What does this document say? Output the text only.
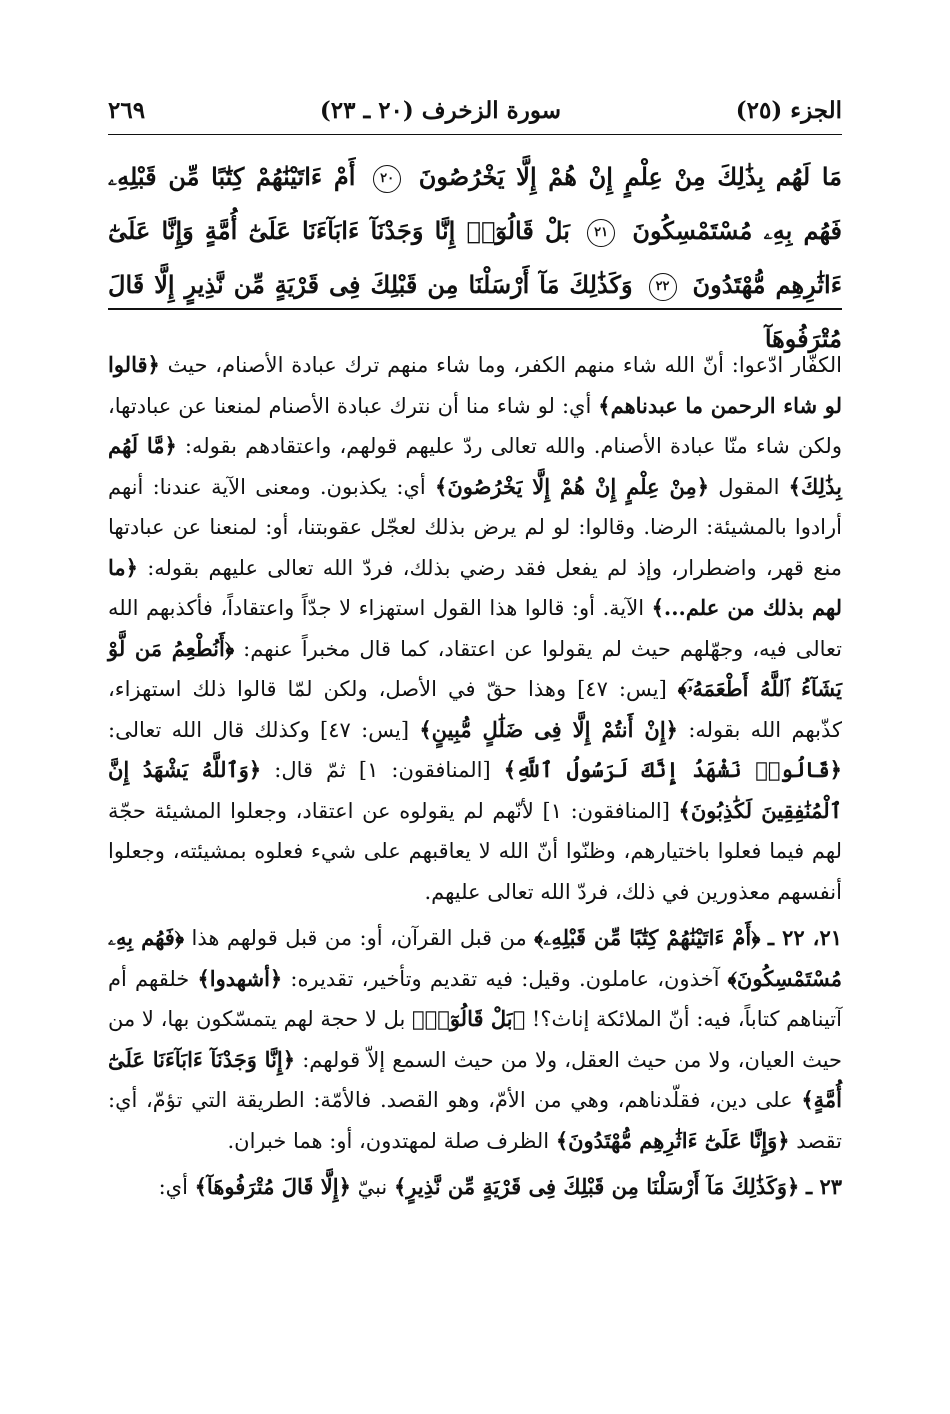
الجزء (٢٥)
سورة الزخرف (٢٠ ـ ٢٣)
٢٦٩

مَا لَهُم بِذَٰلِكَ مِنْ عِلْمٍ إِنْ هُمْ إِلَّا يَخْرُصُونَ ٢٠ أَمْ ءَاتَيْنَٰهُمْ كِتَٰبًا مِّن قَبْلِهِۦ فَهُم بِهِۦ مُسْتَمْسِكُونَ ٢١ بَلْ قَالُوٓا۟ إِنَّا وَجَدْنَآ ءَابَآءَنَا عَلَىٰٓ أُمَّةٍ وَإِنَّا عَلَىٰٓ ءَاثَٰرِهِم مُّهْتَدُونَ ٢٢ وَكَذَٰلِكَ مَآ أَرْسَلْنَا مِن قَبْلِكَ فِى قَرْيَةٍ مِّن نَّذِيرٍ إِلَّا قَالَ مُتْرَفُوهَآ

الكفّار ادّعوا: أنّ الله شاء منهم الكفر، وما شاء منهم ترك عبادة الأصنام، حيث ﴿قالوا لو شاء الرحمن ما عبدناهم﴾ أي: لو شاء منا أن نترك عبادة الأصنام لمنعنا عن عبادتها، ولكن شاء منّا عبادة الأصنام. والله تعالى ردّ عليهم قولهم، واعتقادهم بقوله: ﴿مَّا لَهُم بِذَٰلِكَ﴾ المقول ﴿مِنْ عِلْمٍ إِنْ هُمْ إِلَّا يَخْرُصُونَ﴾ أي: يكذبون. ومعنى الآية عندنا: أنهم أرادوا بالمشيئة: الرضا. وقالوا: لو لم يرض بذلك لعجّل عقوبتنا، أو: لمنعنا عن عبادتها منع قهر، واضطرار، وإذ لم يفعل فقد رضي بذلك، فردّ الله تعالى عليهم بقوله: ﴿ما لهم بذلك من علم...﴾ الآية. أو: قالوا هذا القول استهزاء لا جدّاً واعتقاداً، فأكذبهم الله تعالى فيه، وجهّلهم حيث لم يقولوا عن اعتقاد، كما قال مخبراً عنهم: ﴿أَنُطْعِمُ مَن لَّوْ يَشَآءُ ٱللَّهُ أَطْعَمَهُۥٓ﴾ [يس: ٤٧] وهذا حقّ في الأصل، ولكن لمّا قالوا ذلك استهزاء، كذّبهم الله بقوله: ﴿إِنْ أَنتُمْ إِلَّا فِى ضَلَٰلٍ مُّبِينٍ﴾ [يس: ٤٧] وكذلك قال الله تعالى: ﴿قَالُوا۟ نَشْهَدُ إِنَّكَ لَرَسُولُ ٱللَّهِ﴾ [المنافقون: ١] ثمّ قال: ﴿وَٱللَّهُ يَشْهَدُ إِنَّ ٱلْمُنَٰفِقِينَ لَكَٰذِبُونَ﴾ [المنافقون: ١] لأنّهم لم يقولوه عن اعتقاد، وجعلوا المشيئة حجّة لهم فيما فعلوا باختيارهم، وظنّوا أنّ الله لا يعاقبهم على شيء فعلوه بمشيئته، وجعلوا أنفسهم معذورين في ذلك، فردّ الله تعالى عليهم.

٢١، ٢٢ ـ ﴿أَمْ ءَاتَيْنَٰهُمْ كِتَٰبًا مِّن قَبْلِهِۦ﴾ من قبل القرآن، أو: من قبل قولهم هذا ﴿فَهُم بِهِۦ مُسْتَمْسِكُونَ﴾ آخذون، عاملون. وقيل: فيه تقديم وتأخير، تقديره: ﴿أشهدوا﴾ خلقهم أم آتيناهم كتاباً، فيه: أنّ الملائكة إناث؟! ﴿بَلْ قَالُوٓا۟﴾ بل لا حجة لهم يتمسّكون بها، لا من حيث العيان، ولا من حيث العقل، ولا من حيث السمع إلاّ قولهم: ﴿إِنَّا وَجَدْنَآ ءَابَآءَنَا عَلَىٰٓ أُمَّةٍ﴾ على دين، فقلّدناهم، وهي من الأمّ، وهو القصد. فالأمّة: الطريقة التي تؤمّ، أي: تقصد ﴿وَإِنَّا عَلَىٰٓ ءَاثَٰرِهِم مُّهْتَدُونَ﴾ الظرف صلة لمهتدون، أو: هما خبران.

٢٣ ـ ﴿وَكَذَٰلِكَ مَآ أَرْسَلْنَا مِن قَبْلِكَ فِى قَرْيَةٍ مِّن نَّذِيرٍ﴾ نبيّ ﴿إِلَّا قَالَ مُتْرَفُوهَآ﴾ أي:
